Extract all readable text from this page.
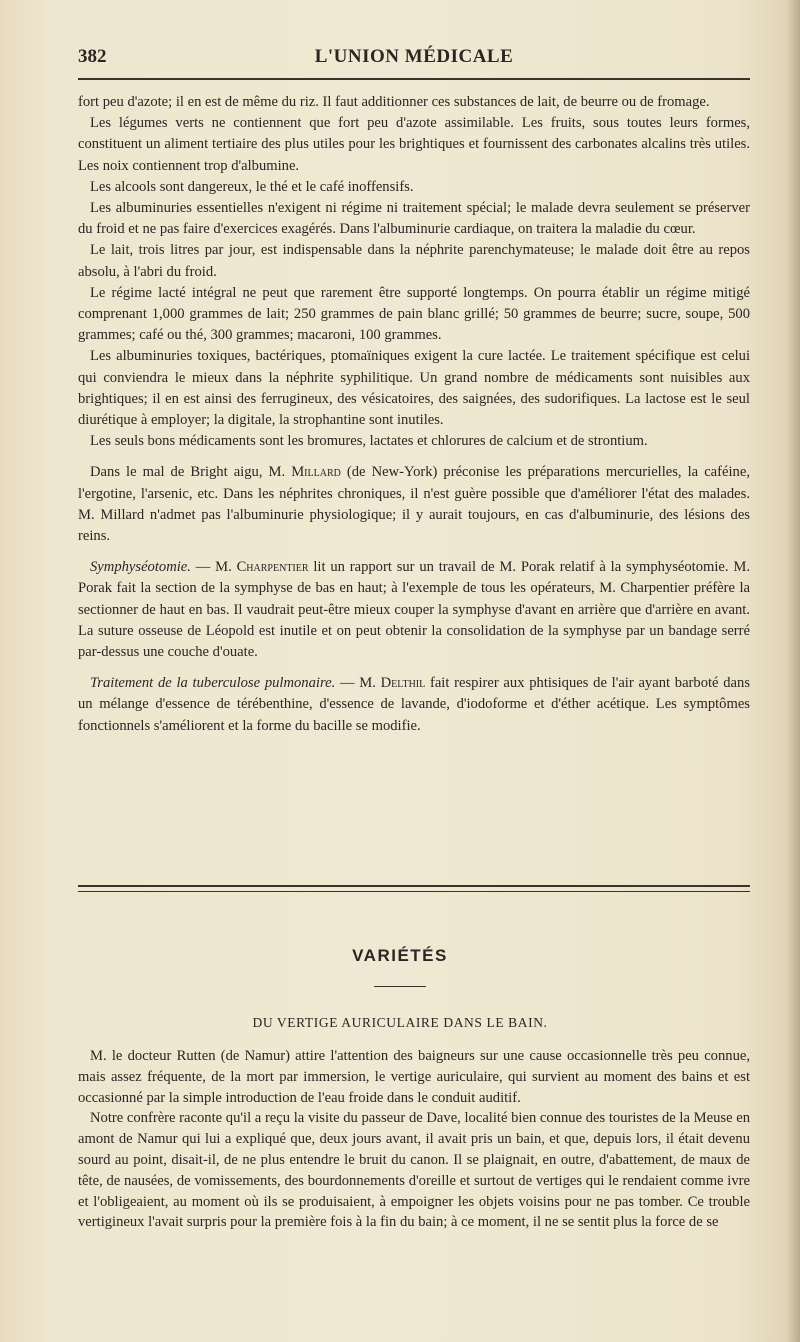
382	L'UNION MÉDICALE

fort peu d'azote; il en est de même du riz. Il faut additionner ces substances de lait, de beurre ou de fromage.

Les légumes verts ne contiennent que fort peu d'azote assimilable. Les fruits, sous toutes leurs formes, constituent un aliment tertiaire des plus utiles pour les brightiques et fournissent des carbonates alcalins très utiles. Les noix contiennent trop d'albumine.

Les alcools sont dangereux, le thé et le café inoffensifs.

Les albuminuries essentielles n'exigent ni régime ni traitement spécial; le malade devra seulement se préserver du froid et ne pas faire d'exercices exagérés. Dans l'albuminurie cardiaque, on traitera la maladie du cœur.

Le lait, trois litres par jour, est indispensable dans la néphrite parenchymateuse; le malade doit être au repos absolu, à l'abri du froid.

Le régime lacté intégral ne peut que rarement être supporté longtemps. On pourra établir un régime mitigé comprenant 1,000 grammes de lait; 250 grammes de pain blanc grillé; 50 grammes de beurre; sucre, soupe, 500 grammes; café ou thé, 300 grammes; macaroni, 100 grammes.

Les albuminuries toxiques, bactériques, ptomaïniques exigent la cure lactée. Le traitement spécifique est celui qui conviendra le mieux dans la néphrite syphilitique. Un grand nombre de médicaments sont nuisibles aux brightiques; il en est ainsi des ferrugineux, des vésicatoires, des saignées, des sudorifiques. La lactose est le seul diurétique à employer; la digitale, la strophantine sont inutiles.

Les seuls bons médicaments sont les bromures, lactates et chlorures de calcium et de strontium.

Dans le mal de Bright aigu, M. Millard (de New-York) préconise les préparations mercurielles, la caféine, l'ergotine, l'arsenic, etc. Dans les néphrites chroniques, il n'est guère possible que d'améliorer l'état des malades. M. Millard n'admet pas l'albuminurie physiologique; il y aurait toujours, en cas d'albuminurie, des lésions des reins.

Symphyséotomie. — M. Charpentier lit un rapport sur un travail de M. Porak relatif à la symphyséotomie. M. Porak fait la section de la symphyse de bas en haut; à l'exemple de tous les opérateurs, M. Charpentier préfère la sectionner de haut en bas. Il vaudrait peut-être mieux couper la symphyse d'avant en arrière que d'arrière en avant. La suture osseuse de Léopold est inutile et on peut obtenir la consolidation de la symphyse par un bandage serré par-dessus une couche d'ouate.

Traitement de la tuberculose pulmonaire. — M. Delthil fait respirer aux phtisiques de l'air ayant barboté dans un mélange d'essence de térébenthine, d'essence de lavande, d'iodoforme et d'éther acétique. Les symptômes fonctionnels s'améliorent et la forme du bacille se modifie.

VARIÉTÉS
DU VERTIGE AURICULAIRE DANS LE BAIN.

M. le docteur Rutten (de Namur) attire l'attention des baigneurs sur une cause occasionnelle très peu connue, mais assez fréquente, de la mort par immersion, le vertige auriculaire, qui survient au moment des bains et est occasionné par la simple introduction de l'eau froide dans le conduit auditif.

Notre confrère raconte qu'il a reçu la visite du passeur de Dave, localité bien connue des touristes de la Meuse en amont de Namur qui lui a expliqué que, deux jours avant, il avait pris un bain, et que, depuis lors, il était devenu sourd au point, disait-il, de ne plus entendre le bruit du canon. Il se plaignait, en outre, d'abattement, de maux de tête, de nausées, de vomissements, des bourdonnements d'oreille et surtout de vertiges qui le rendaient comme ivre et l'obligeaient, au moment où ils se produisaient, à empoigner les objets voisins pour ne pas tomber. Ce trouble vertigineux l'avait surpris pour la première fois à la fin du bain; à ce moment, il ne se sentit plus la force de se
